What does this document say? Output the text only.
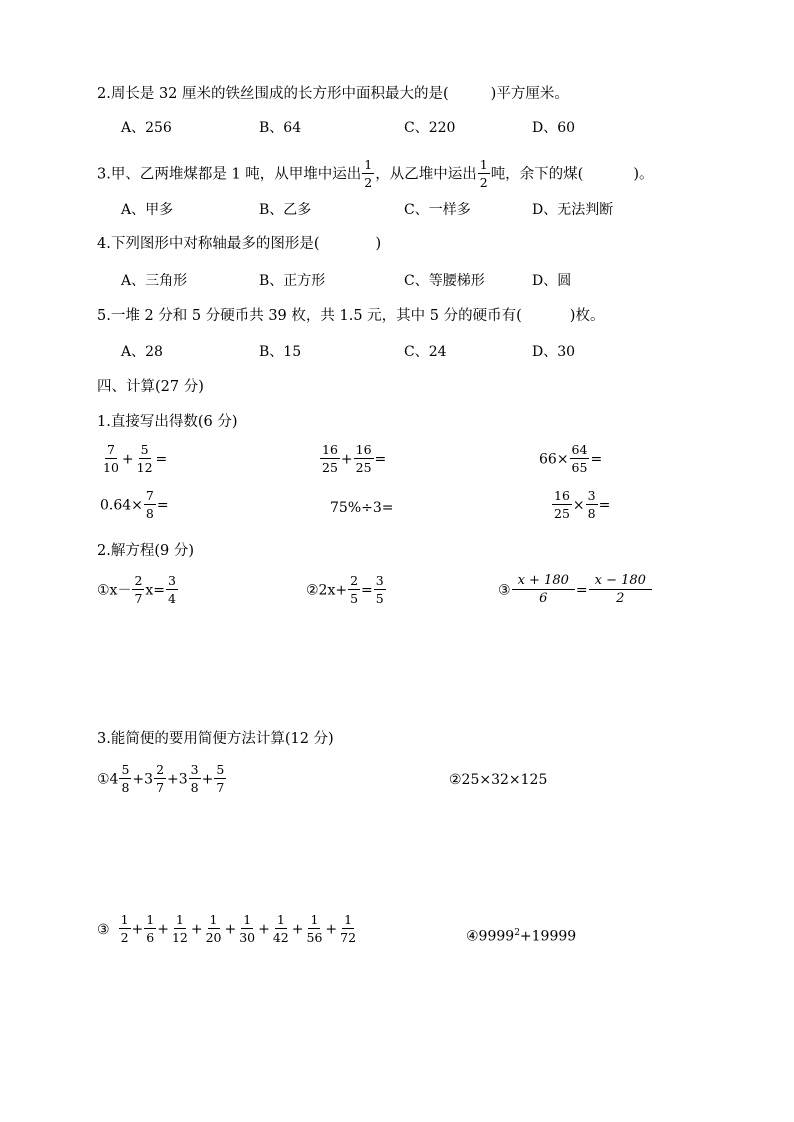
2.周长是 32 厘米的铁丝围成的长方形中面积最大的是(	)平方厘米。
A、256	B、64	C、220	D、60
3.甲、乙两堆煤都是 1 吨，从甲堆中运出 $\frac{1}{2}$ ，从乙堆中运出 $\frac{1}{2}$ 吨，余下的煤(	)。
A、甲多	B、乙多	C、一样多	D、无法判断
4.下列图形中对称轴最多的图形是(	)
A、三角形	B、正方形	C、等腰梯形	D、圆
5.一堆 2 分和 5 分硬币共 39 枚，共 1.5 元，其中 5 分的硬币有(	)枚。
A、28	B、15	C、24	D、30
四、计算(27 分)
1.直接写出得数(6 分)
$\frac{7}{10} + \frac{5}{12}$ =	$\frac{16}{25} + \frac{16}{25}$ =	$66\times \frac{64}{65}$ =
$0.64\times \frac{7}{8}$ =	75%÷3=	$\frac{16}{25} \times \frac{3}{8}$ =
2.解方程(9 分)
①x－ $\frac{2}{7} x= \frac{3}{4}$	②2x+ $\frac{2}{5} = \frac{3}{5}$	③ $\frac{x + 180}{6} = \frac{x - 180}{2}$
3.能简便的要用简便方法计算(12 分)
①4 $\frac{5}{8} +3 \frac{2}{7} +3 \frac{3}{8} + \frac{5}{7}$	②25×32×125
③ $\frac{1}{2} + \frac{1}{6} + \frac{1}{12} + \frac{1}{20} + \frac{1}{30} + \frac{1}{42} + \frac{1}{56} + \frac{1}{72}$	$④9999^2+19999$
